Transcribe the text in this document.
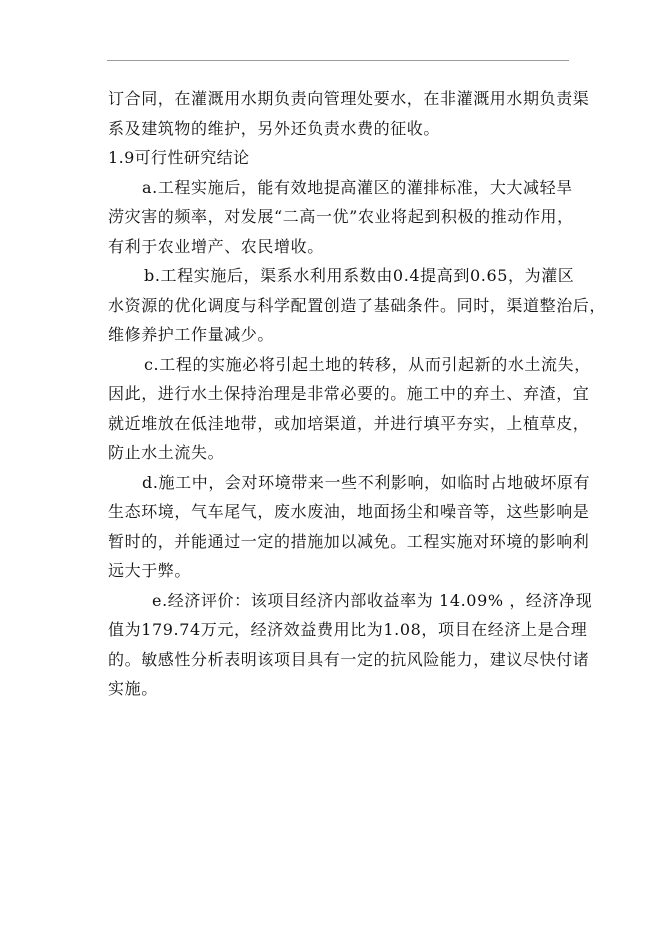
订合同，在灌溉用水期负责向管理处要水，在非灌溉用水期负责渠
系及建筑物的维护，另外还负责水费的征收。
1.9可行性研究结论
a.工程实施后，能有效地提高灌区的灌排标准，大大减轻旱
涝灾害的频率，对发展“二高一优”农业将起到积极的推动作用，
有利于农业增产、农民增收。
b.工程实施后，渠系水利用系数由0.4提高到0.65，为灌区
水资源的优化调度与科学配置创造了基础条件。同时，渠道整治后，
维修养护工作量减少。
c.工程的实施必将引起土地的转移，从而引起新的水土流失，
因此，进行水土保持治理是非常必要的。施工中的弃土、弃渣，宜
就近堆放在低洼地带，或加培渠道，并进行填平夯实，上植草皮，
防止水土流失。
d.施工中，会对环境带来一些不利影响，如临时占地破坏原有
生态环境，气车尾气，废水废油，地面扬尘和噪音等，这些影响是
暂时的，并能通过一定的措施加以减免。工程实施对环境的影响利
远大于弊。
e.经济评价：该项目经济内部收益率为 14.09% ，经济净现
值为179.74万元，经济效益费用比为1.08，项目在经济上是合理
的。敏感性分析表明该项目具有一定的抗风险能力，建议尽快付诸
实施。
